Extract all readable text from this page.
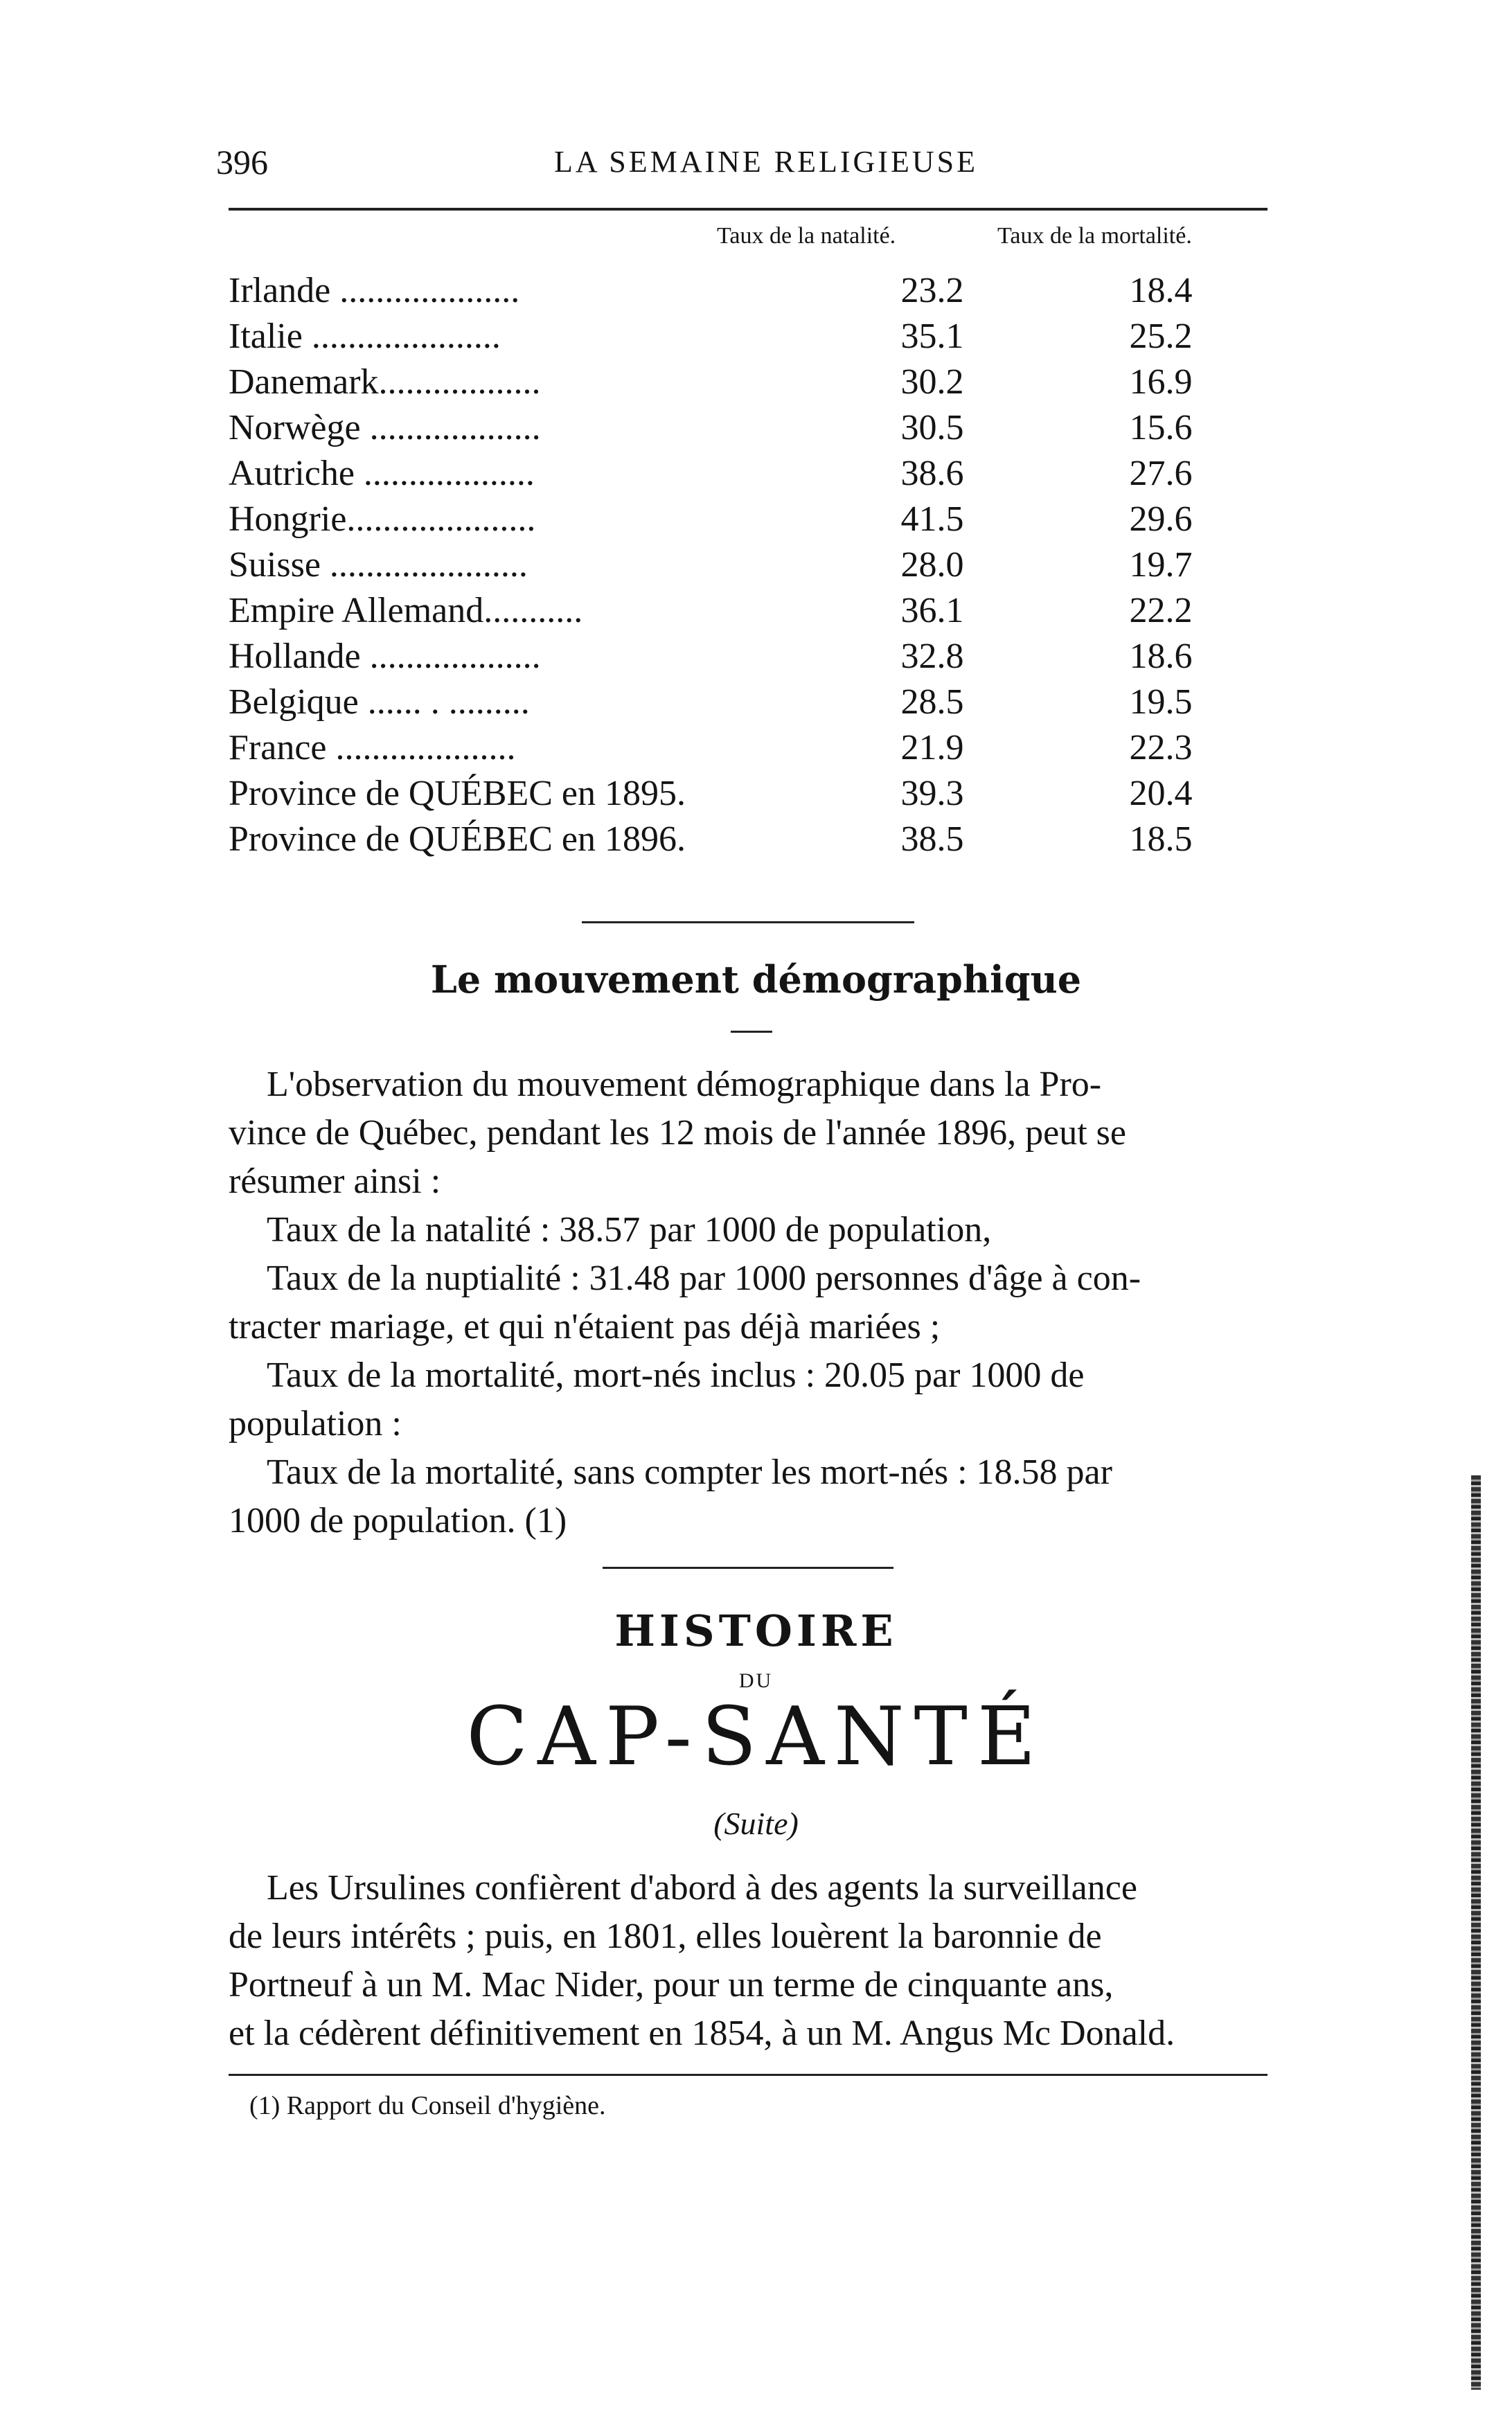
396	LA SEMAINE RELIGIEUSE
Taux de la natalité.	Taux de la mortalité.
Irlande ....................	23.2	18.4
Italie .....................	35.1	25.2
Danemark..................	30.2	16.9
Norwège ...................	30.5	15.6
Autriche ...................	38.6	27.6
Hongrie.....................	41.5	29.6
Suisse ......................	28.0	19.7
Empire Allemand...........	36.1	22.2
Hollande ...................	32.8	18.6
Belgique ...... . .........	28.5	19.5
France ....................	21.9	22.3
Province de QUÉBEC en 1895.	39.3	20.4
Province de QUÉBEC en 1896.	38.5	18.5
Le mouvement démographique
L'observation du mouvement démographique dans la Pro-
vince de Québec, pendant les 12 mois de l'année 1896, peut se
résumer ainsi :
Taux de la natalité : 38.57 par 1000 de population,
Taux de la nuptialité : 31.48 par 1000 personnes d'âge à con-
tracter mariage, et qui n'étaient pas déjà mariées ;
Taux de la mortalité, mort-nés inclus : 20.05 par 1000 de
population :
Taux de la mortalité, sans compter les mort-nés : 18.58 par
1000 de population. (1)
HISTOIRE
DU
CAP-SANTÉ
(Suite)
Les Ursulines confièrent d'abord à des agents la surveillance
de leurs intérêts ; puis, en 1801, elles louèrent la baronnie de
Portneuf à un M. Mac Nider, pour un terme de cinquante ans,
et la cédèrent définitivement en 1854, à un M. Angus Mc Donald.
(1) Rapport du Conseil d'hygiène.
